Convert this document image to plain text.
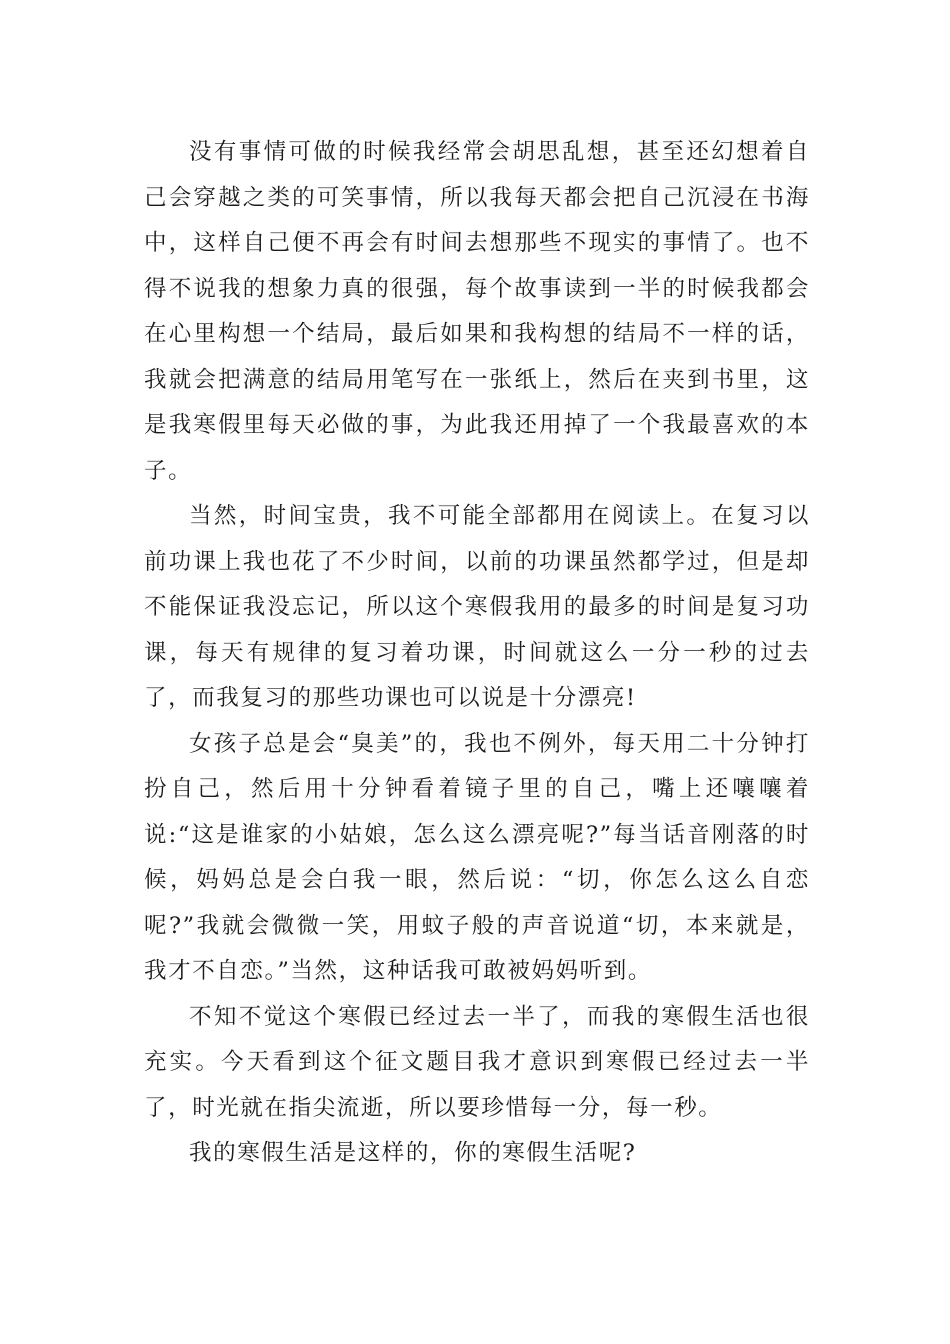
没有事情可做的时候我经常会胡思乱想，甚至还幻想着自己会穿越之类的可笑事情，所以我每天都会把自己沉浸在书海中，这样自己便不再会有时间去想那些不现实的事情了。也不得不说我的想象力真的很强，每个故事读到一半的时候我都会在心里构想一个结局，最后如果和我构想的结局不一样的话，我就会把满意的结局用笔写在一张纸上，然后在夹到书里，这是我寒假里每天必做的事，为此我还用掉了一个我最喜欢的本子。

当然，时间宝贵，我不可能全部都用在阅读上。在复习以前功课上我也花了不少时间，以前的功课虽然都学过，但是却不能保证我没忘记，所以这个寒假我用的最多的时间是复习功课，每天有规律的复习着功课，时间就这么一分一秒的过去了，而我复习的那些功课也可以说是十分漂亮!

女孩子总是会“臭美”的，我也不例外，每天用二十分钟打扮自己，然后用十分钟看着镜子里的自己，嘴上还嚷嚷着说:“这是谁家的小姑娘，怎么这么漂亮呢?”每当话音刚落的时候，妈妈总是会白我一眼，然后说：“切，你怎么这么自恋呢?”我就会微微一笑，用蚊子般的声音说道“切，本来就是，我才不自恋。”当然，这种话我可敢被妈妈听到。

不知不觉这个寒假已经过去一半了，而我的寒假生活也很充实。今天看到这个征文题目我才意识到寒假已经过去一半了，时光就在指尖流逝，所以要珍惜每一分，每一秒。

我的寒假生活是这样的，你的寒假生活呢?
